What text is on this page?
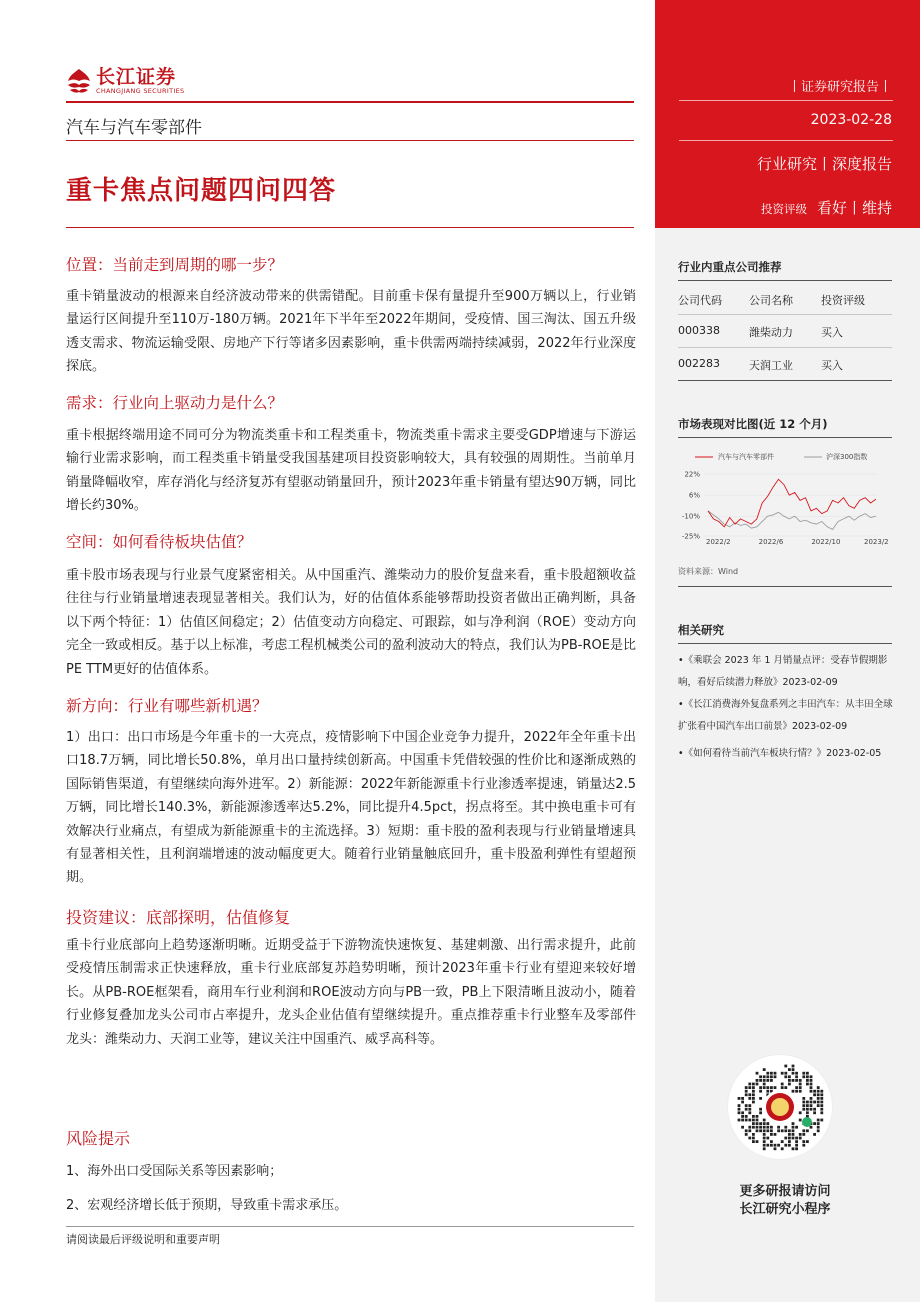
长江证券
CHANGJIANG SECURITIES
汽车与汽车零部件
重卡焦点问题四问四答
位置：当前走到周期的哪一步？
重卡销量波动的根源来自经济波动带来的供需错配。目前重卡保有量提升至900万辆以上，行业销量运行区间提升至110万-180万辆。2021年下半年至2022年期间，受疫情、国三淘汰、国五升级透支需求、物流运输受限、房地产下行等诸多因素影响，重卡供需两端持续减弱，2022年行业深度探底。
需求：行业向上驱动力是什么？
重卡根据终端用途不同可分为物流类重卡和工程类重卡，物流类重卡需求主要受GDP增速与下游运输行业需求影响，而工程类重卡销量受我国基建项目投资影响较大，具有较强的周期性。当前单月销量降幅收窄，库存消化与经济复苏有望驱动销量回升，预计2023年重卡销量有望达90万辆，同比增长约30%。
空间：如何看待板块估值？
重卡股市场表现与行业景气度紧密相关。从中国重汽、潍柴动力的股价复盘来看，重卡股超额收益往往与行业销量增速表现显著相关。我们认为，好的估值体系能够帮助投资者做出正确判断，具备以下两个特征：1）估值区间稳定；2）估值变动方向稳定、可跟踪，如与净利润（ROE）变动方向完全一致或相反。基于以上标准，考虑工程机械类公司的盈利波动大的特点，我们认为PB-ROE是比PE TTM更好的估值体系。
新方向：行业有哪些新机遇？
1）出口：出口市场是今年重卡的一大亮点，疫情影响下中国企业竞争力提升，2022年全年重卡出口18.7万辆，同比增长50.8%，单月出口量持续创新高。中国重卡凭借较强的性价比和逐渐成熟的国际销售渠道，有望继续向海外进军。2）新能源：2022年新能源重卡行业渗透率提速，销量达2.5万辆，同比增长140.3%，新能源渗透率达5.2%，同比提升4.5pct，拐点将至。其中换电重卡可有效解决行业痛点，有望成为新能源重卡的主流选择。3）短期：重卡股的盈利表现与行业销量增速具有显著相关性，且利润端增速的波动幅度更大。随着行业销量触底回升，重卡股盈利弹性有望超预期。
投资建议：底部探明，估值修复
重卡行业底部向上趋势逐渐明晰。近期受益于下游物流快速恢复、基建刺激、出行需求提升，此前受疫情压制需求正快速释放，重卡行业底部复苏趋势明晰，预计2023年重卡行业有望迎来较好增长。从PB-ROE框架看，商用车行业利润和ROE波动方向与PB一致，PB上下限清晰且波动小，随着行业修复叠加龙头公司市占率提升，龙头企业估值有望继续提升。重点推荐重卡行业整车及零部件龙头：潍柴动力、天润工业等，建议关注中国重汽、威孚高科等。
风险提示
1、海外出口受国际关系等因素影响；
2、宏观经济增长低于预期，导致重卡需求承压。
请阅读最后评级说明和重要声明
丨证券研究报告丨
2023-02-28
行业研究丨深度报告
投资评级 看好丨维持
行业内重点公司推荐
公司代码 公司名称	投资评级
000338	潍柴动力	买入
002283	天润工业	买入
市场表现对比图(近 12 个月)
汽车与汽车零部件	沪深300指数
22%
6%
-10%
-25%
2022/2	2022/6	2022/10	2023/2
资料来源：Wind
相关研究
•《乘联会 2023 年 1 月销量点评：受春节假期影响，看好后续潜力释放》2023-02-09
•《长江消费海外复盘系列之丰田汽车：从丰田全球扩张看中国汽车出口前景》2023-02-09
•《如何看待当前汽车板块行情？》2023-02-05
更多研报请访问
长江研究小程序
